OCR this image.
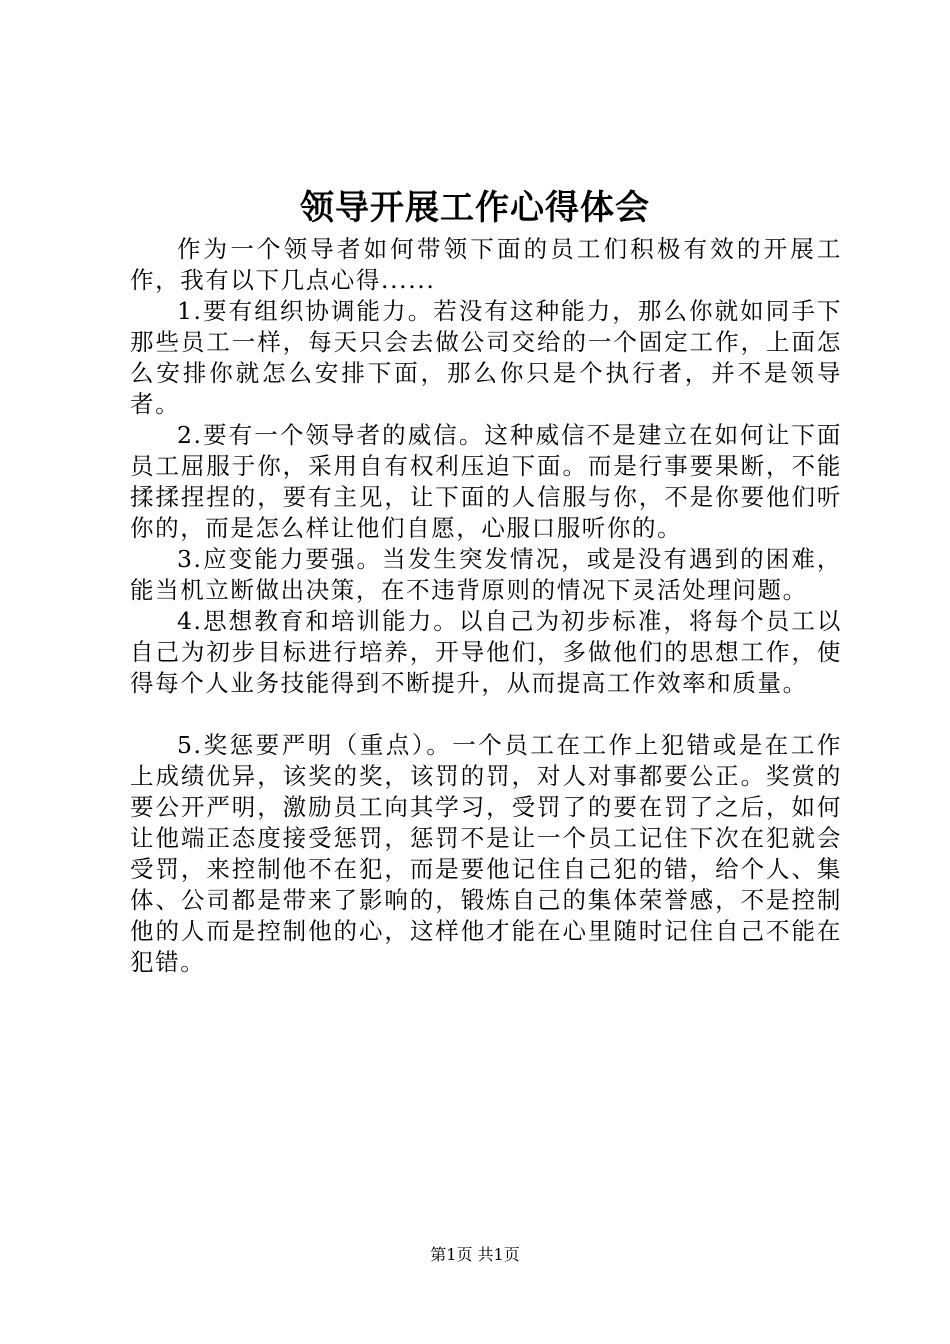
领导开展工作心得体会

作为一个领导者如何带领下面的员工们积极有效的开展工作，我有以下几点心得......

1.要有组织协调能力。若没有这种能力，那么你就如同手下那些员工一样，每天只会去做公司交给的一个固定工作，上面怎么安排你就怎么安排下面，那么你只是个执行者，并不是领导者。

2.要有一个领导者的威信。这种威信不是建立在如何让下面员工屈服于你，采用自有权利压迫下面。而是行事要果断，不能揉揉捏捏的，要有主见，让下面的人信服与你，不是你要他们听你的，而是怎么样让他们自愿，心服口服听你的。

3.应变能力要强。当发生突发情况，或是没有遇到的困难，能当机立断做出决策，在不违背原则的情况下灵活处理问题。

4.思想教育和培训能力。以自己为初步标准，将每个员工以自己为初步目标进行培养，开导他们，多做他们的思想工作，使得每个人业务技能得到不断提升，从而提高工作效率和质量。

5.奖惩要严明（重点）。一个员工在工作上犯错或是在工作上成绩优异，该奖的奖，该罚的罚，对人对事都要公正。奖赏的要公开严明，激励员工向其学习，受罚了的要在罚了之后，如何让他端正态度接受惩罚，惩罚不是让一个员工记住下次在犯就会受罚，来控制他不在犯，而是要他记住自己犯的错，给个人、集体、公司都是带来了影响的，锻炼自己的集体荣誉感，不是控制他的人而是控制他的心，这样他才能在心里随时记住自己不能在犯错。

第1页 共1页
